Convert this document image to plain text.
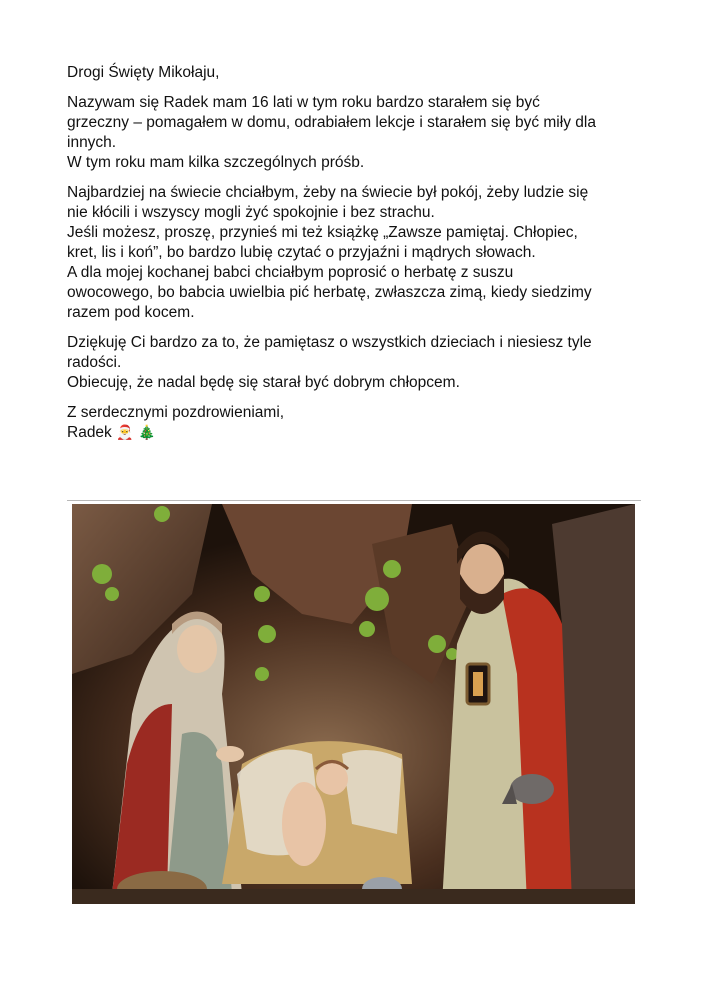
Drogi Święty Mikołaju,

Nazywam się Radek mam 16 lati w tym roku bardzo starałem się być
grzeczny – pomagałem w domu, odrabiałem lekcje i starałem się być miły dla
innych.
W tym roku mam kilka szczególnych próśb.

Najbardziej na świecie chciałbym, żeby na świecie był pokój, żeby ludzie się
nie kłócili i wszyscy mogli żyć spokojnie i bez strachu.
Jeśli możesz, proszę, przynieś mi też książkę „Zawsze pamiętaj. Chłopiec,
kret, lis i koń”, bo bardzo lubię czytać o przyjaźni i mądrych słowach.
A dla mojej kochanej babci chciałbym poprosić o herbatę z suszu
owocowego, bo babcia uwielbia pić herbatę, zwłaszcza zimą, kiedy siedzimy
razem pod kocem.

Dziękuję Ci bardzo za to, że pamiętasz o wszystkich dzieciach i niesiesz tyle
radości.
Obiecuję, że nadal będę się starał być dobrym chłopcem.

Z serdecznymi pozdrowieniami,
Radek 🎅 🎄
